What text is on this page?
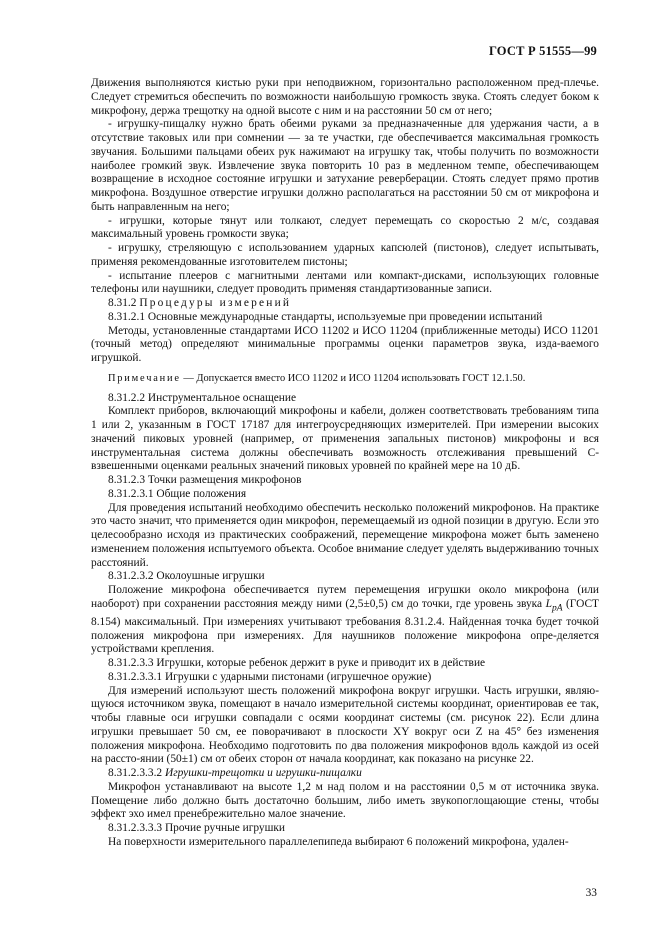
ГОСТ Р 51555—99

Движения выполняются кистью руки при неподвижном, горизонтально расположенном пред-плечье. Следует стремиться обеспечить по возможности наибольшую громкость звука. Стоять следует боком к микрофону, держа трещотку на одной высоте с ним и на расстоянии 50 см от него;

- игрушку-пищалку нужно брать обеими руками за предназначенные для удержания части, а в отсутствие таковых или при сомнении — за те участки, где обеспечивается максимальная громкость звучания. Большими пальцами обеих рук нажимают на игрушку так, чтобы получить по возможности наиболее громкий звук. Извлечение звука повторить 10 раз в медленном темпе, обеспечивающем возвращение в исходное состояние игрушки и затухание реверберации. Стоять следует прямо против микрофона. Воздушное отверстие игрушки должно располагаться на расстоянии 50 см от микрофона и быть направленным на него;

- игрушки, которые тянут или толкают, следует перемещать со скоростью 2 м/с, создавая максимальный уровень громкости звука;

- игрушку, стреляющую с использованием ударных капсюлей (пистонов), следует испытывать, применяя рекомендованные изготовителем пистоны;

- испытание плееров с магнитными лентами или компакт-дисками, использующих головные телефоны или наушники, следует проводить применяя стандартизованные записи.

8.31.2 Процедуры измерений

8.31.2.1 Основные международные стандарты, используемые при проведении испытаний

Методы, установленные стандартами ИСО 11202 и ИСО 11204 (приближенные методы) ИСО 11201 (точный метод) определяют минимальные программы оценки параметров звука, изда-ваемого игрушкой.

Примечание — Допускается вместо ИСО 11202 и ИСО 11204 использовать ГОСТ 12.1.50.

8.31.2.2 Инструментальное оснащение

Комплект приборов, включающий микрофоны и кабели, должен соответствовать требованиям типа 1 или 2, указанным в ГОСТ 17187 для интегроусредняющих измерителей. При измерении высоких значений пиковых уровней (например, от применения запальных пистонов) микрофоны и вся инструментальная система должны обеспечивать возможность отслеживания превышений С-взвешенными оценками реальных значений пиковых уровней по крайней мере на 10 дБ.

8.31.2.3 Точки размещения микрофонов

8.31.2.3.1 Общие положения

Для проведения испытаний необходимо обеспечить несколько положений микрофонов. На практике это часто значит, что применяется один микрофон, перемещаемый из одной позиции в другую. Если это целесообразно исходя из практических соображений, перемещение микрофона может быть заменено изменением положения испытуемого объекта. Особое внимание следует уделять выдерживанию точных расстояний.

8.31.2.3.2 Околоушные игрушки

Положение микрофона обеспечивается путем перемещения игрушки около микрофона (или наоборот) при сохранении расстояния между ними (2,5±0,5) см до точки, где уровень звука $L_{pA}$ (ГОСТ 8.154) максимальный. При измерениях учитывают требования 8.31.2.4. Найденная точка будет точкой положения микрофона при измерениях. Для наушников положение микрофона опре-деляется устройствами крепления.

8.31.2.3.3 Игрушки, которые ребенок держит в руке и приводит их в действие

8.31.2.3.3.1 Игрушки с ударными пистонами (игрушечное оружие)

Для измерений используют шесть положений микрофона вокруг игрушки. Часть игрушки, являю-щуюся источником звука, помещают в начало измерительной системы координат, ориентировав ее так, чтобы главные оси игрушки совпадали с осями координат системы (см. рисунок 22). Если длина игрушки превышает 50 см, ее поворачивают в плоскости XY вокруг оси Z на 45° без изменения положения микрофона. Необходимо подготовить по два положения микрофонов вдоль каждой из осей на рассто-янии (50±1) см от обеих сторон от начала координат, как показано на рисунке 22.

8.31.2.3.3.2 Игрушки-трещотки и игрушки-пищалки

Микрофон устанавливают на высоте 1,2 м над полом и на расстоянии 0,5 м от источника звука. Помещение либо должно быть достаточно большим, либо иметь звукопоглощающие стены, чтобы эффект эхо имел пренебрежительно малое значение.

8.31.2.3.3.3 Прочие ручные игрушки

На поверхности измерительного параллелепипеда выбирают 6 положений микрофона, удален-

33
